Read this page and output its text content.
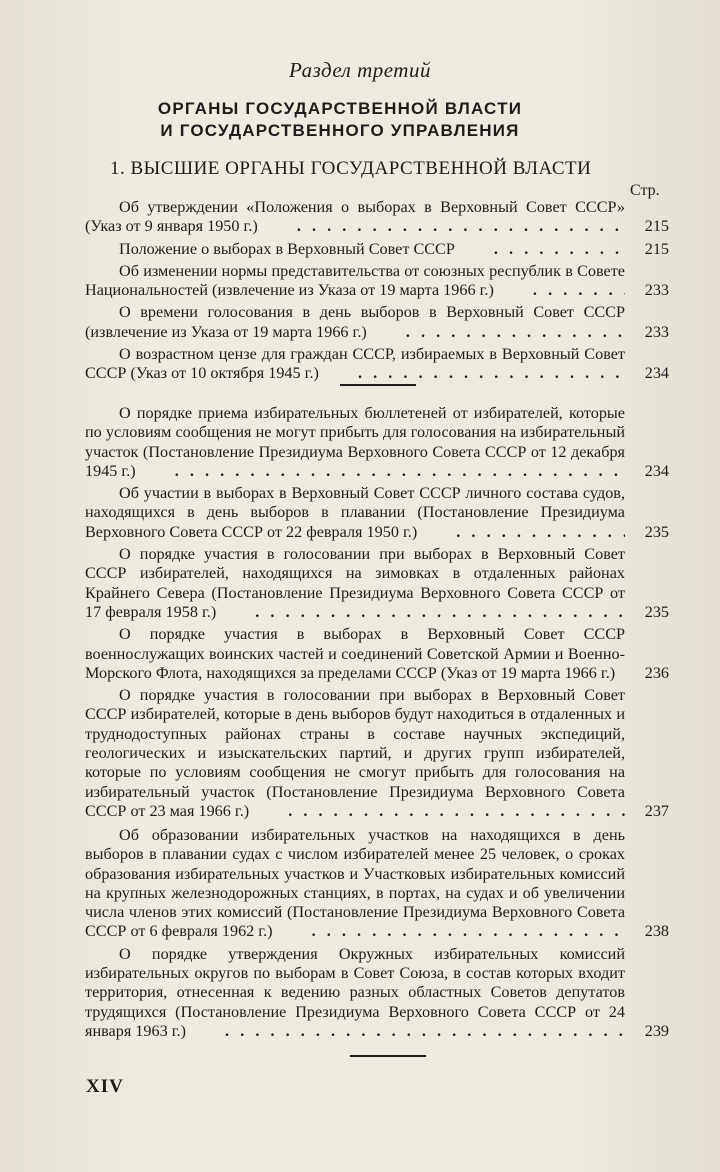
Раздел третий
ОРГАНЫ ГОСУДАРСТВЕННОЙ ВЛАСТИ
И ГОСУДАРСТВЕННОГО УПРАВЛЕНИЯ
1. ВЫСШИЕ ОРГАНЫ ГОСУДАРСТВЕННОЙ ВЛАСТИ
Стр.
Об утверждении «Положения о выборах в Верховный Совет СССР» (Указ от 9 января 1950 г.) . .	215
Положение о выборах в Верховный Совет СССР . .	215
Об изменении нормы представительства от союзных республик в Совете Национальностей (извлечение из Указа от 19 марта 1966 г.) . .	233
О времени голосования в день выборов в Верховный Совет СССР (извлечение из Указа от 19 марта 1966 г.) . .	233
О возрастном цензе для граждан СССР, избираемых в Верховный Совет СССР (Указ от 10 октября 1945 г.) . .	234
О порядке приема избирательных бюллетеней от избирателей, которые по условиям сообщения не могут прибыть для голосования на избирательный участок (Постановление Президиума Верховного Совета СССР от 12 декабря 1945 г.) . .	234
Об участии в выборах в Верховный Совет СССР личного состава судов, находящихся в день выборов в плавании (Постановление Президиума Верховного Совета СССР от 22 февраля 1950 г.) . .	235
О порядке участия в голосовании при выборах в Верховный Совет СССР избирателей, находящихся на зимовках в отдаленных районах Крайнего Севера (Постановление Президиума Верховного Совета СССР от 17 февраля 1958 г.) . .	235
О порядке участия в выборах в Верховный Совет СССР военнослужащих воинских частей и соединений Советской Армии и Военно-Морского Флота, находящихся за пределами СССР (Указ от 19 марта 1966 г.) . .	236
О порядке участия в голосовании при выборах в Верховный Совет СССР избирателей, которые в день выборов будут находиться в отдаленных и труднодоступных районах страны в составе научных экспедиций, геологических и изыскательских партий, и других групп избирателей, которые по условиям сообщения не смогут прибыть для голосования на избирательный участок (Постановление Президиума Верховного Совета СССР от 23 мая 1966 г.) . .	237
Об образовании избирательных участков на находящихся в день выборов в плавании судах с числом избирателей менее 25 человек, о сроках образования избирательных участков и Участковых избирательных комиссий на крупных железнодорожных станциях, в портах, на судах и об увеличении числа членов этих комиссий (Постановление Президиума Верховного Совета СССР от 6 февраля 1962 г.) . .	238
О порядке утверждения Окружных избирательных комиссий избирательных округов по выборам в Совет Союза, в состав которых входит территория, отнесенная к ведению разных областных Советов депутатов трудящихся (Постановление Президиума Верховного Совета СССР от 24 января 1963 г.) . .	239
XIV
